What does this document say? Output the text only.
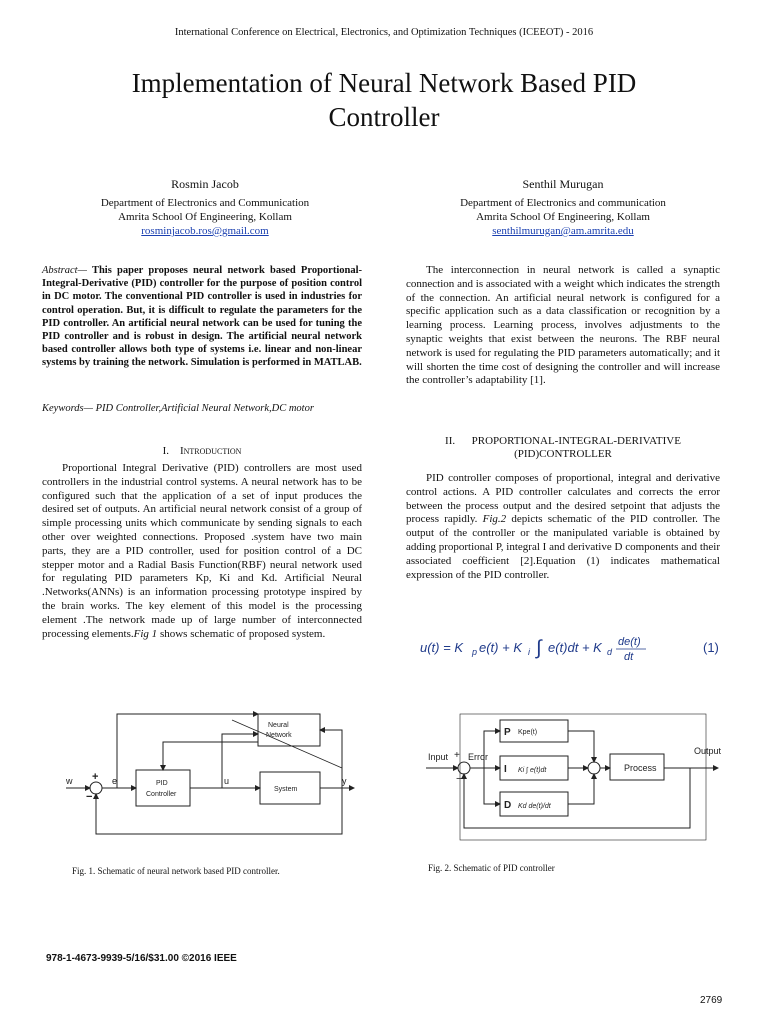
International Conference on Electrical, Electronics, and Optimization Techniques (ICEEOT) - 2016
Implementation of Neural Network Based PID
Controller
Rosmin Jacob
Department of Electronics and Communication
Amrita School Of Engineering, Kollam
rosminjacob.ros@gmail.com
Senthil Murugan
Department of Electronics and communication
Amrita School Of Engineering, Kollam
senthilmurugan@am.amrita.edu
Abstract— This paper proposes neural network based Proportional-Integral-Derivative (PID) controller for the purpose of position control in DC motor. The conventional PID controller is used in industries for control operation. But, it is difficult to regulate the parameters for the PID controller. An artificial neural network can be used for tuning the PID controller and is robust in design. The artificial neural network based controller allows both type of systems i.e. linear and non-linear systems by training the network. Simulation is performed in MATLAB.
Keywords— PID Controller,Artificial Neural Network,DC motor
I. Introduction
Proportional Integral Derivative (PID) controllers are most used controllers in the industrial control systems. A neural network has to be configured such that the application of a set of input produces the desired set of outputs. An artificial neural network consist of a group of simple processing units which communicate by sending signals to each other over weighted connections. Proposed .system have two main parts, they are a PID controller, used for position control of a DC stepper motor and a Radial Basis Function(RBF) neural network used for regulating PID parameters Kp, Ki and Kd. Artificial Neural .Networks(ANNs) is an information processing prototype inspired by the brain works. The key element of this model is the processing element .The network made up of large number of interconnected processing elements.Fig 1 shows schematic of proposed system.
The interconnection in neural network is called a synaptic connection and is associated with a weight which indicates the strength of the connection. An artificial neural network is configured for a specific application such as a data classification or recognition by a learning process. Learning process, involves adjustments to the synaptic weights that exist between the neurons. The RBF neural network is used for regulating the PID parameters automatically; and it will shorten the time cost of designing the controller and will increase the controller’s adaptability [1].
II. PROPORTIONAL-INTEGRAL-DERIVATIVE
(PID)CONTROLLER
PID controller composes of proportional, integral and derivative control actions. A PID controller calculates and corrects the error between the process output and the desired setpoint that adjusts the process rapidly. Fig.2 depicts schematic of the PID controller. The output of the controller or the manipulated variable is obtained by adding proportional P, integral I and derivative D components and their associated coefficient [2].Equation (1) indicates mathematical expression of the PID controller.
u(t) = K p e(t) + K i ∫ e(t)dt + K d
de(t)
dt
(1)
Neural
Network
PID
Controller
System
w	e	u	y
+
−
Fig. 1. Schematic of neural network based PID controller.
Input Error
+
−
P Kpe(t)
I Ki ∫ e(t)dt
D Kd de(t)/dt
Process
Output
Fig. 2. Schematic of PID controller
978-1-4673-9939-5/16/$31.00 ©2016 IEEE
2769
